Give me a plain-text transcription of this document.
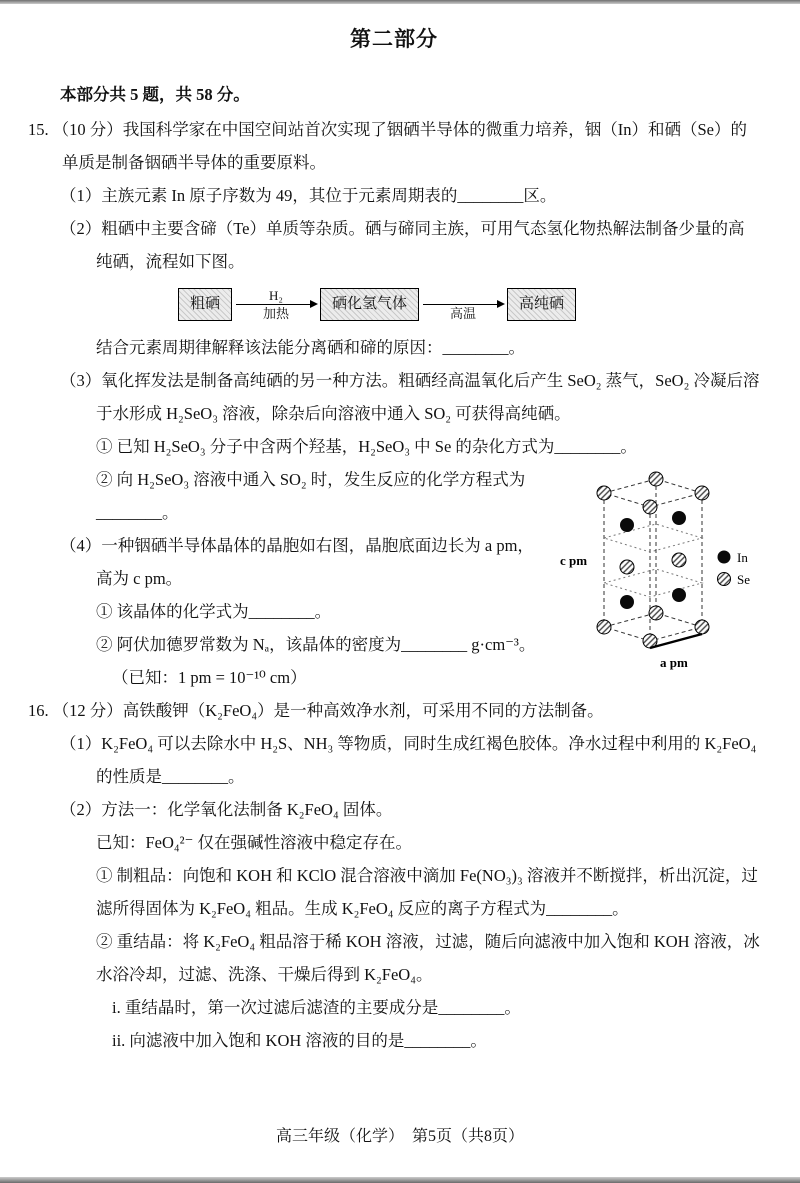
第二部分
本部分共 5 题，共 58 分。
15. （10 分）我国科学家在中国空间站首次实现了铟硒半导体的微重力培养，铟（In）和硒（Se）的单质是制备铟硒半导体的重要原料。
（1）主族元素 In 原子序数为 49，其位于元素周期表的________区。
（2）粗硒中主要含碲（Te）单质等杂质。硒与碲同主族，可用气态氢化物热解法制备少量的高纯硒，流程如下图。
粗硒
H₂
加热
硒化氢气体
高温
高纯硒
结合元素周期律解释该法能分离硒和碲的原因：________。
（3）氧化挥发法是制备高纯硒的另一种方法。粗硒经高温氧化后产生 SeO₂ 蒸气，SeO₂ 冷凝后溶于水形成 H₂SeO₃ 溶液，除杂后向溶液中通入 SO₂ 可获得高纯硒。
① 已知 H₂SeO₃ 分子中含两个羟基，H₂SeO₃ 中 Se 的杂化方式为________。
c pm
a pm
In
Se
② 向 H₂SeO₃ 溶液中通入 SO₂ 时，发生反应的化学方程式为________。
（4）一种铟硒半导体晶体的晶胞如右图，晶胞底面边长为 a pm，高为 c pm。
① 该晶体的化学式为________。
② 阿伏加德罗常数为 Nₐ，该晶体的密度为________ g·cm⁻³。
（已知：1 pm = 10⁻¹⁰ cm）
16. （12 分）高铁酸钾（K₂FeO₄）是一种高效净水剂，可采用不同的方法制备。
（1）K₂FeO₄ 可以去除水中 H₂S、NH₃ 等物质，同时生成红褐色胶体。净水过程中利用的 K₂FeO₄ 的性质是________。
（2）方法一：化学氧化法制备 K₂FeO₄ 固体。
已知：FeO₄²⁻ 仅在强碱性溶液中稳定存在。
① 制粗品：向饱和 KOH 和 KClO 混合溶液中滴加 Fe(NO₃)₃ 溶液并不断搅拌，析出沉淀，过滤所得固体为 K₂FeO₄ 粗品。生成 K₂FeO₄ 反应的离子方程式为________。
② 重结晶：将 K₂FeO₄ 粗品溶于稀 KOH 溶液，过滤，随后向滤液中加入饱和 KOH 溶液，冰水浴冷却，过滤、洗涤、干燥后得到 K₂FeO₄。
i. 重结晶时，第一次过滤后滤渣的主要成分是________。
ii. 向滤液中加入饱和 KOH 溶液的目的是________。
高三年级（化学）　第5页（共8页）
